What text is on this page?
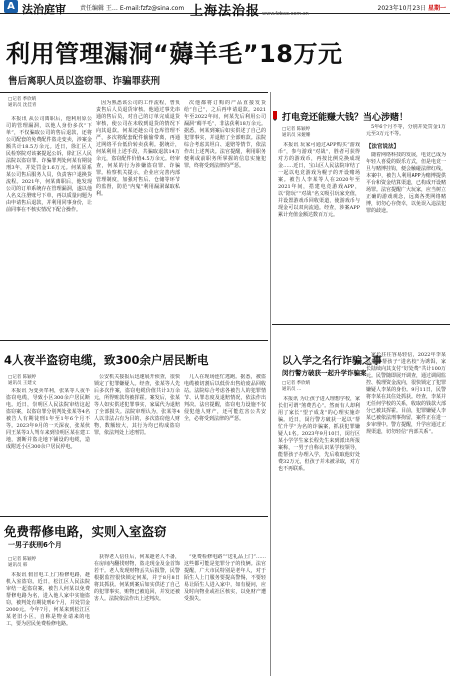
A 法治庭审 责任编辑 王… E-mail:fzfz@sina.com 上海法治报 www.fzbao.com.cn
2023年10月23日 星期一
利用管理漏洞“薅羊毛”18万元
售后离职人员以盗窃罪、诈骗罪获刑
□记者 季欣晴
通讯员 沈佳青

本报讯 从公司离职后，他利用原公司的管理漏洞，以他人身份多次“下单”，不仅骗取公司的售后退款，还将公司配套的免费配件盗走变卖，涉案金额共计18.5万余元。近日，徐汇区人民检察院对该案提起公诉，徐汇区人民法院以盗窃罪、诈骗罪判处何某有期徒刑3年，并处罚金1.6万元。何某原系某公司售后服务人员，负责客户退换货流程。2021年，何某离职后，他发现公司的订单系统存在管理漏洞，遂以他人名义注册账号下单，再以质量问题为由申请售后退款，并利用同事身份，让前同事在不核实情况下配合操作。

因为熟悉该公司的工作流程，曾负责售后人员退货审核。他通过事先串通的售后员，对自己的订单完成退货审核，使公司在未收到退货的情况下向其退款。何某还趁公司仓库管理不严，多次将配套配件偷偷带离，再通过网络平台低价转卖获利。据统计，何某利用上述手段，共骗取退款14万余元，盗窃配件价值4.5万余元。经审查，何某的行为涉嫌盗窃罪、诈骗罪。检察机关提示，企业应完善内部管理制度，加强对售后、仓储等环节的监督，防范“内鬼”利用漏洞谋取私利。

次他都将订购的产品直接发货给“自己”，之后再申请退款。2021年至2022年间，何某先后利用公司漏洞“薅羊毛”，非法获利18万余元。据悉，何某到案后如实供述了自己的犯罪事实，并退赔了全部赃款。法院综合考虑其坦白、退赔等情节，依法作出上述判决。法官提醒，利用职务便利或前职务所掌握的信息实施犯罪，终将受到法律的严惩。

打电竞还能赚大钱？当心涉赌！
□记者 陈颖婷
通讯员 宋娅姗

本报讯 玩家可通过APP购买“游戏币”，参与游戏“对战”，胜者可获得对方的游戏币，再按比例兑换成现金……近日，宝山区人民法院审结了一起以电竞游戏为幌子的开设赌场案。被告人李某等人在2020年至2021年间，搭建电竞游戏APP，以“陪玩”“对战”名义吸引玩家充值，并设置游戏币回收渠道，使游戏币与现金可以双向流通。经查，涉案APP累计充值金额达数百万元。

5年6个月不等，分别并处罚金1万元至3万元不等。

【法官说法】

随着网络科技的发展，电竞已成为年轻人喜爱的娱乐方式，但是电竞一旦与赌博挂钩，便会触碰法律红线。本案中，被告人利用APP为赌博提供平台和资金结算渠道，已构成开设赌场罪。法官提醒广大玩家，应当树立正确的游戏观念，远离各类网络赌博，切勿心存侥幸，以免误入违法犯罪的歧途。

以入学之名行诈骗之事
闵行警方破获一起升学诈骗案
□记者 季欣晴
通讯员 …

本报讯 为让孩子进入理想学校，家长们可谓“煞费苦心”。然而有人却利用了家长“望子成龙”的心理实施诈骗。近日，闵行警方破获一起以“帮忙升学”为名的诈骗案，抓获犯罪嫌疑人1名。2023年9月10日，闵行区某小学学生家长程先生来到派出所报案称，一男子自称认识某学校领导，能帮孩子办理入学，先后收取他好处费32万元，但孩子并未被录取，对方也不再联系。

家长往往容易轻信，2022年李某以能够帮孩子“进名校”为诱饵，家长陆续向其支付“好处费”共计100万元。民警随即展开调查，通过调阅监控、梳理资金流向，很快锁定了犯罪嫌疑人李某的身份。9月11日，民警将李某在其住处抓获。经查，李某并无任何学校的关系，收取的钱款大部分已被其挥霍。目前，犯罪嫌疑人李某已被依法刑事拘留，案件正在进一步审理中。警方提醒，升学应通过正规渠道，切勿轻信“内部关系”。

4人夜半盗窃电缆，致300余户居民断电
□记者 陈颖婷
通讯员 王建文

本报讯 为变卖牟利，张某等人夜半盗窃电缆，导致小区300余户居民断电。近日，崇明区人民法院审结这起盗窃案，以盗窃罪分别判处张某等4名被告人有期徒刑1年至1年6个月不等。2023年9月的一天深夜，张某伙同王某等3人驾车来到崇明区某在建工地，割断并盗走地下铺设的电缆，造成附近小区300余户居民停电。

公安机关接报后迅速展开侦查，很快锁定了犯罪嫌疑人。经查，张某等人先后多次作案，盗窃电缆价值共计3万余元，所得赃款均被挥霍。案发后，张某等人如实供述犯罪事实，家属代为退赔了全部损失。法院审理认为，张某等4人以非法占有为目的，多次盗窃他人财物，数额较大，其行为均已构成盗窃罪，依法判处上述刑罚。

几人在现场连忙逃跑。据悉，被盗电缆被切割后以低价出售给废品回收站。法院综合考虑各被告人的犯罪情节、认罪态度及退赔情况，依法作出判决。法官提醒，盗窃电力设施不仅侵犯他人财产，还可能危害公共安全，必将受到法律的严惩。

免费帮修电路，实则入室盗窃
一男子获刑6个月
□记者 陈颖婷
通讯员 韩

本报讯 假冒电工上门检修电路，趁机入室盗窃。近日，松江区人民法院审结一起盗窃案，被告人何某以免费帮修电路为名，进入他人家中实施盗窃，被判处有期徒刑6个月，并处罚金2000元。今年7月，何某来到松江区某老旧小区，自称是物业请来的电工，要为居民免费检修电路。

获得老人信任后，何某趁老人不备，在房间内翻找财物，盗走现金及金首饰若干。老人发现财物丢失后报警，民警根据监控很快锁定何某，并于8月8日将其抓获。何某到案后如实供述了自己的犯罪事实，赃物已被追回，并发还被害人。法院依法作出上述判决。

“免费检修电路”“送礼品上门”……这些都可能是犯罪分子的伎俩。法官提醒，广大市民特别是老年人，对于陌生人上门服务要提高警惕，不要轻易让陌生人进入家中，如有疑问，应及时向物业或社区核实，以免财产遭受损失。
